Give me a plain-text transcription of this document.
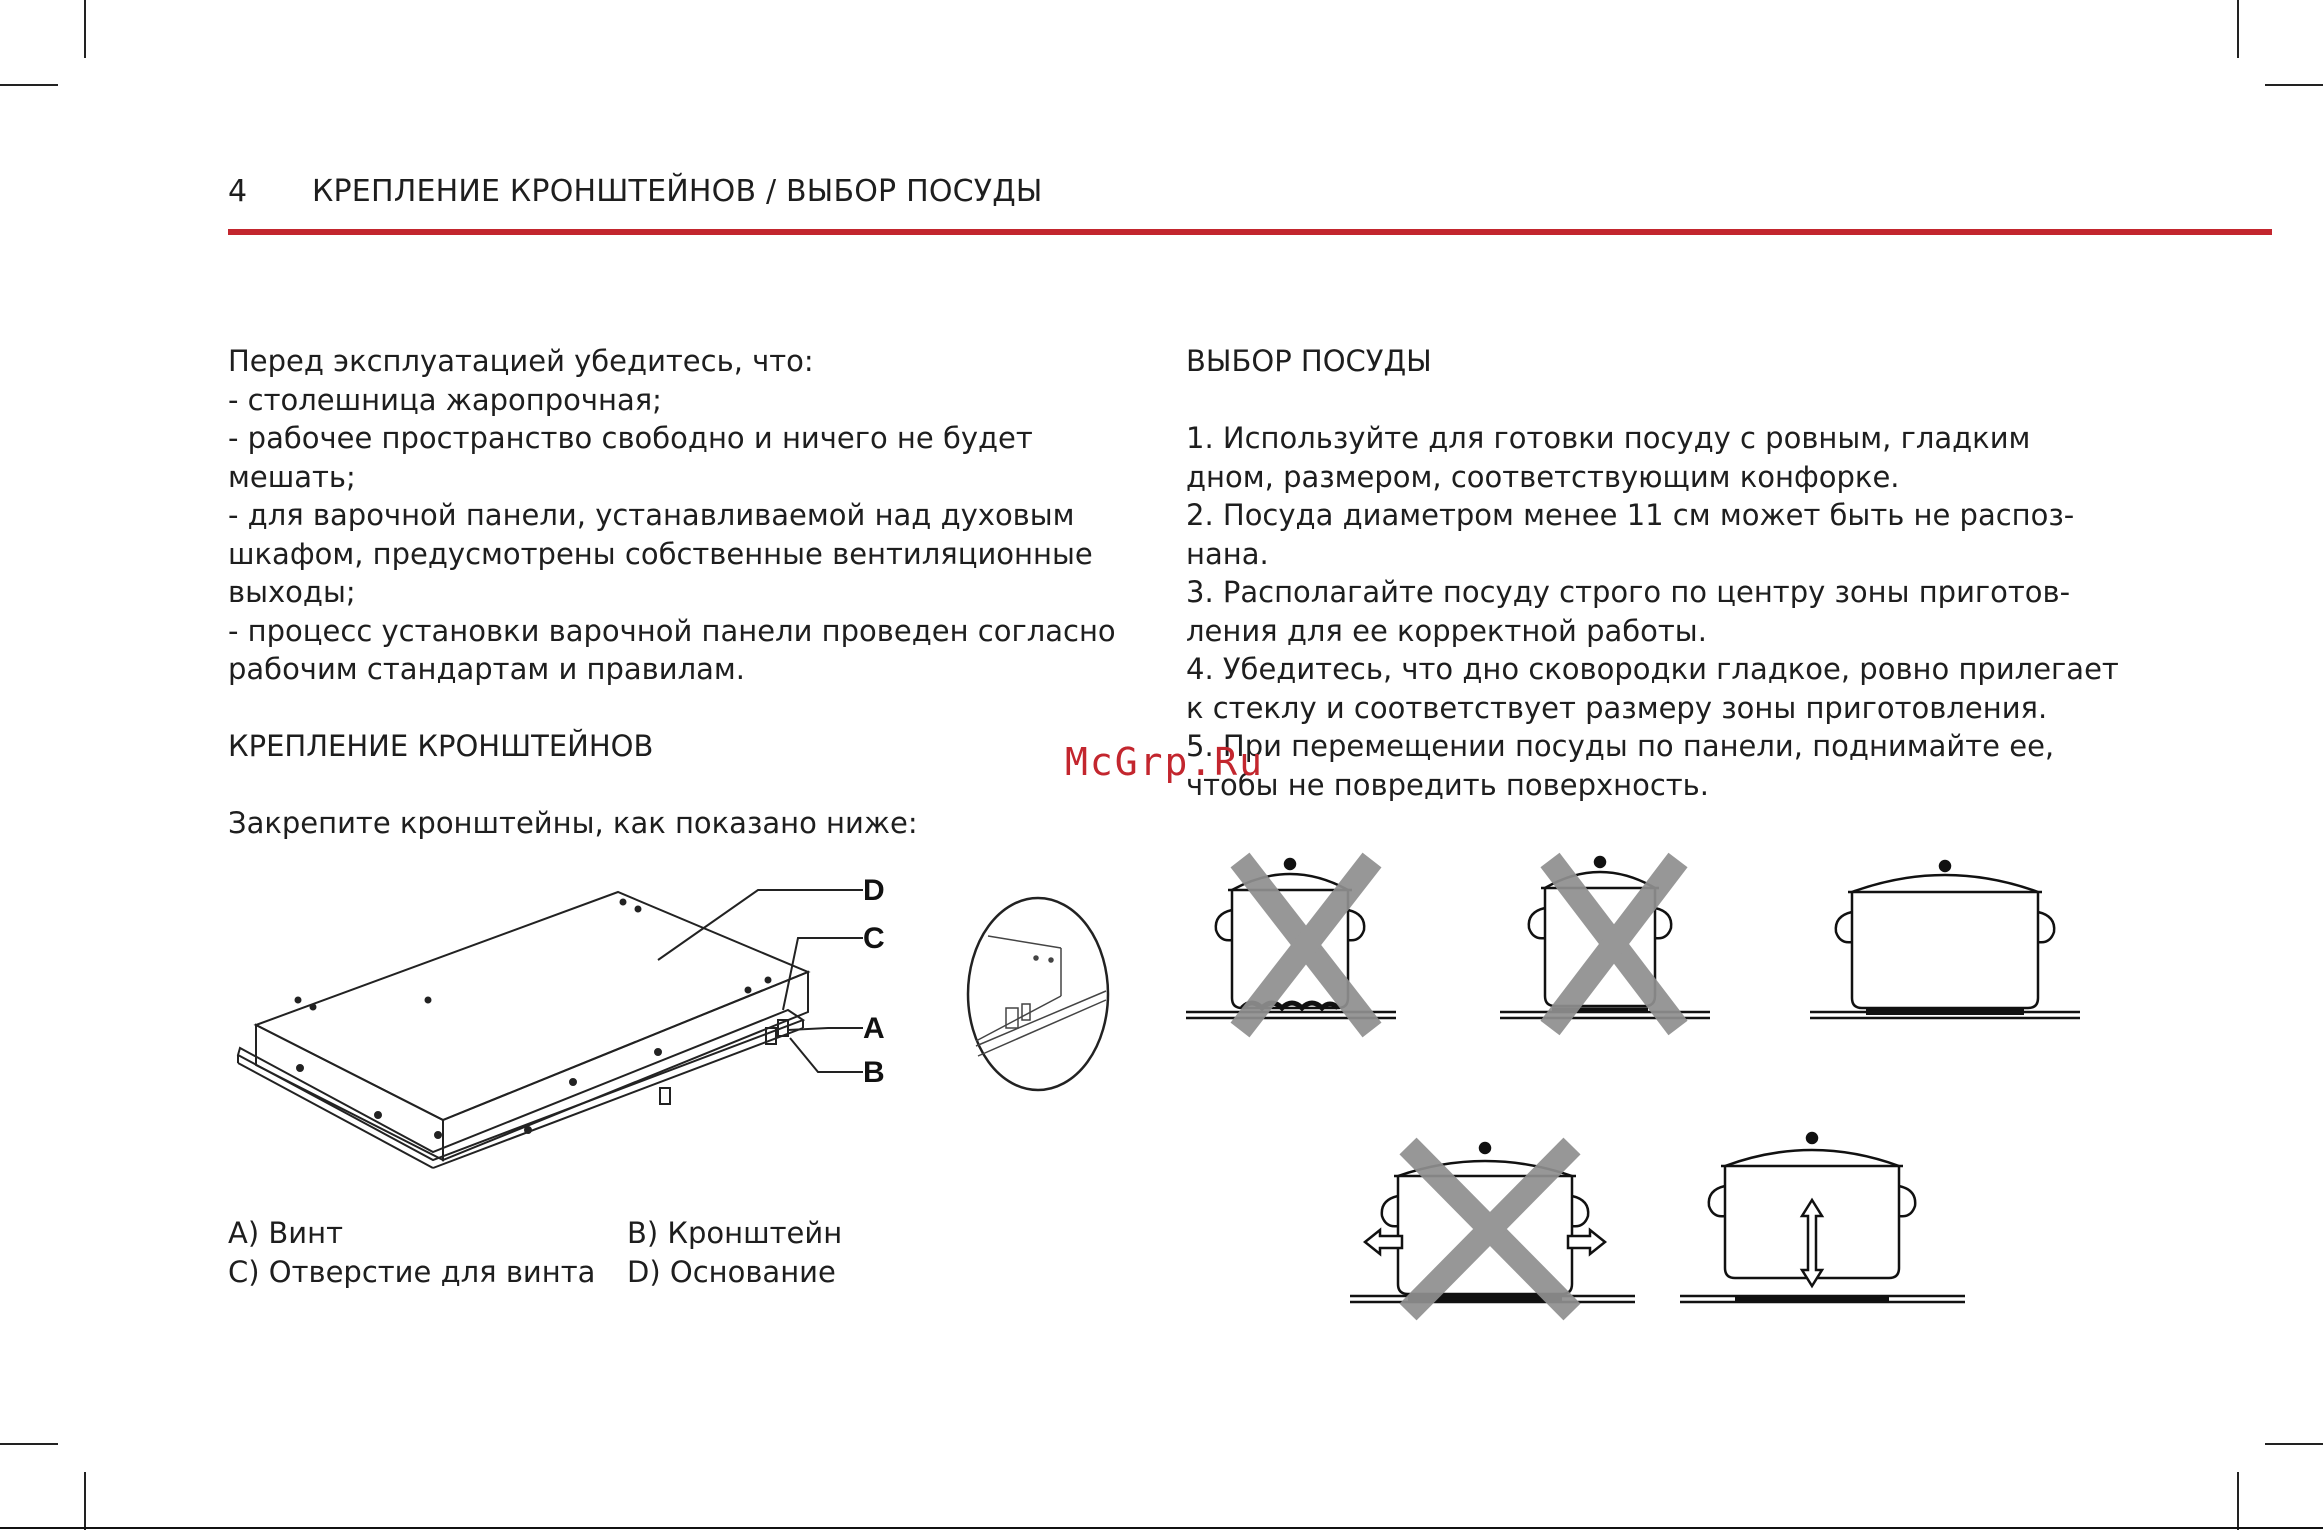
4 КРЕПЛЕНИЕ КРОНШТЕЙНОВ / ВЫБОР ПОСУДЫ

Перед эксплуатацией убедитесь, что:

- столешница жаропрочная;

- рабочее пространство свободно и ничего не будет

мешать;

- для варочной панели, устанавливаемой над духовым

шкафом, предусмотрены собственные вентиляционные

выходы;

- процесс установки варочной панели проведен согласно

рабочим стандартам и правилам.

КРЕПЛЕНИЕ КРОНШТЕЙНОВ

Закрепите кронштейны, как показано ниже:

ВЫБОР ПОСУДЫ

1. Используйте для готовки посуду с ровным, гладким

дном, размером, соответствующим конфорке.

2. Посуда диаметром менее 11 см может быть не распоз-

нана.

3. Располагайте посуду строго по центру зоны приготов-

ления для ее корректной работы.

4. Убедитесь, что дно сковородки гладкое, ровно прилегает

к стеклу и соответствует размеру зоны приготовления.

5. При перемещении посуды по панели, поднимайте ее,

чтобы не повредить поверхность.

D
C
A
B
A) Винт
C) Отверстие для винта
B) Кронштейн
D) Основание
McGrp.Ru
